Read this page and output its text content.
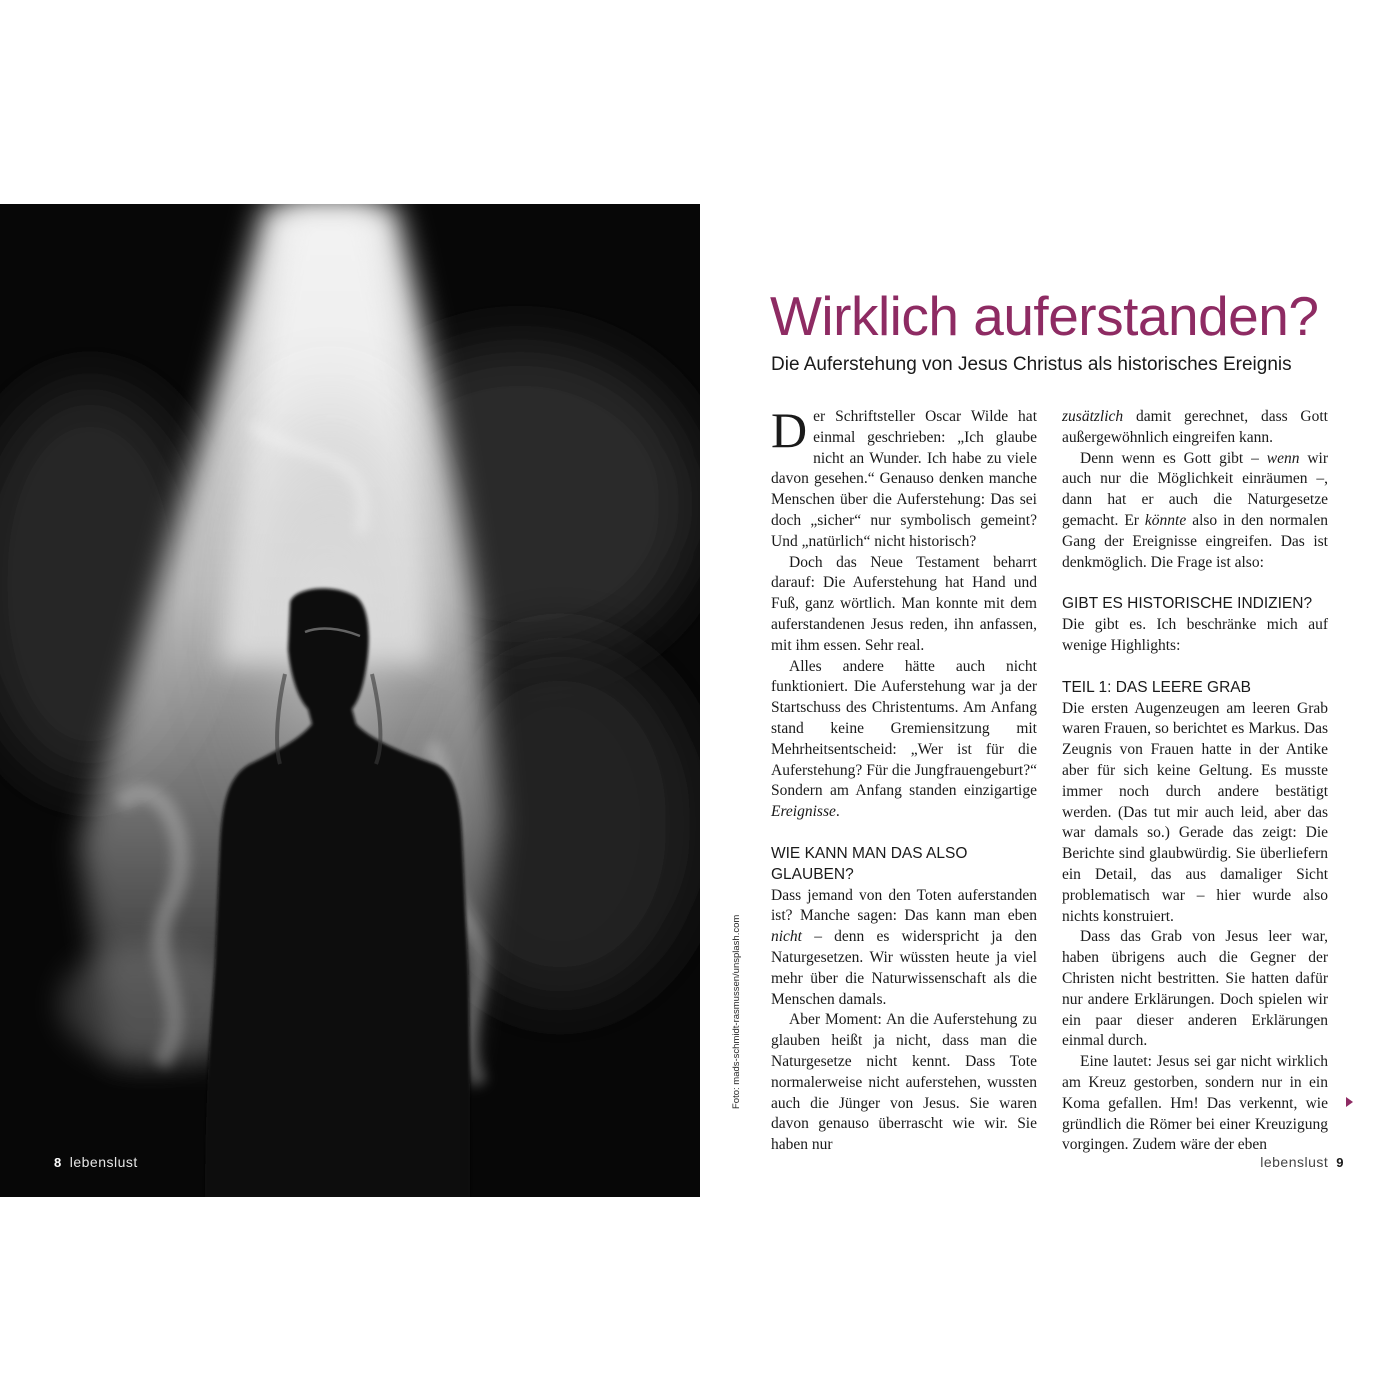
8 lebenslust
Foto: mads-schmidt-rasmussen/unsplash.com
Wirklich auferstanden?
Die Auferstehung von Jesus Christus als historisches Ereignis

Der Schriftsteller Oscar Wilde hat einmal geschrieben: „Ich glaube nicht an Wunder. Ich habe zu viele davon gesehen.“ Genauso denken manche Menschen über die Auferstehung: Das sei doch „sicher“ nur symbolisch gemeint? Und „natürlich“ nicht historisch?

Doch das Neue Testament beharrt darauf: Die Auferstehung hat Hand und Fuß, ganz wörtlich. Man konnte mit dem auferstandenen Jesus reden, ihn anfassen, mit ihm essen. Sehr real.

Alles andere hätte auch nicht funktioniert. Die Auferstehung war ja der Startschuss des Christentums. Am Anfang stand keine Gremiensitzung mit Mehrheitsentscheid: „Wer ist für die Auferstehung? Für die Jungfrauengeburt?“ Sondern am Anfang standen einzigartige Ereignisse.

WIE KANN MAN DAS ALSO GLAUBEN?

Dass jemand von den Toten auferstanden ist? Manche sagen: Das kann man eben nicht – denn es widerspricht ja den Naturgesetzen. Wir wüssten heute ja viel mehr über die Naturwissenschaft als die Menschen damals.

Aber Moment: An die Auferstehung zu glauben heißt ja nicht, dass man die Naturgesetze nicht kennt. Dass Tote normalerweise nicht auferstehen, wussten auch die Jünger von Jesus. Sie waren davon genauso überrascht wie wir. Sie haben nur

zusätzlich damit gerechnet, dass Gott außergewöhnlich eingreifen kann.

Denn wenn es Gott gibt – wenn wir auch nur die Möglichkeit einräumen –, dann hat er auch die Naturgesetze gemacht. Er könnte also in den normalen Gang der Ereignisse eingreifen. Das ist denkmöglich. Die Frage ist also:

GIBT ES HISTORISCHE INDIZIEN?

Die gibt es. Ich beschränke mich auf wenige Highlights:

TEIL 1: DAS LEERE GRAB

Die ersten Augenzeugen am leeren Grab waren Frauen, so berichtet es Markus. Das Zeugnis von Frauen hatte in der Antike aber für sich keine Geltung. Es musste immer noch durch andere bestätigt werden. (Das tut mir auch leid, aber das war damals so.) Gerade das zeigt: Die Berichte sind glaubwürdig. Sie überliefern ein Detail, das aus damaliger Sicht problematisch war – hier wurde also nichts konstruiert.

Dass das Grab von Jesus leer war, haben übrigens auch die Gegner der Christen nicht bestritten. Sie hatten dafür nur andere Erklärungen. Doch spielen wir ein paar dieser anderen Erklärungen einmal durch.

Eine lautet: Jesus sei gar nicht wirklich am Kreuz gestorben, sondern nur in ein Koma gefallen. Hm! Das verkennt, wie gründlich die Römer bei einer Kreuzigung vorgingen. Zudem wäre der eben

lebenslust 9
